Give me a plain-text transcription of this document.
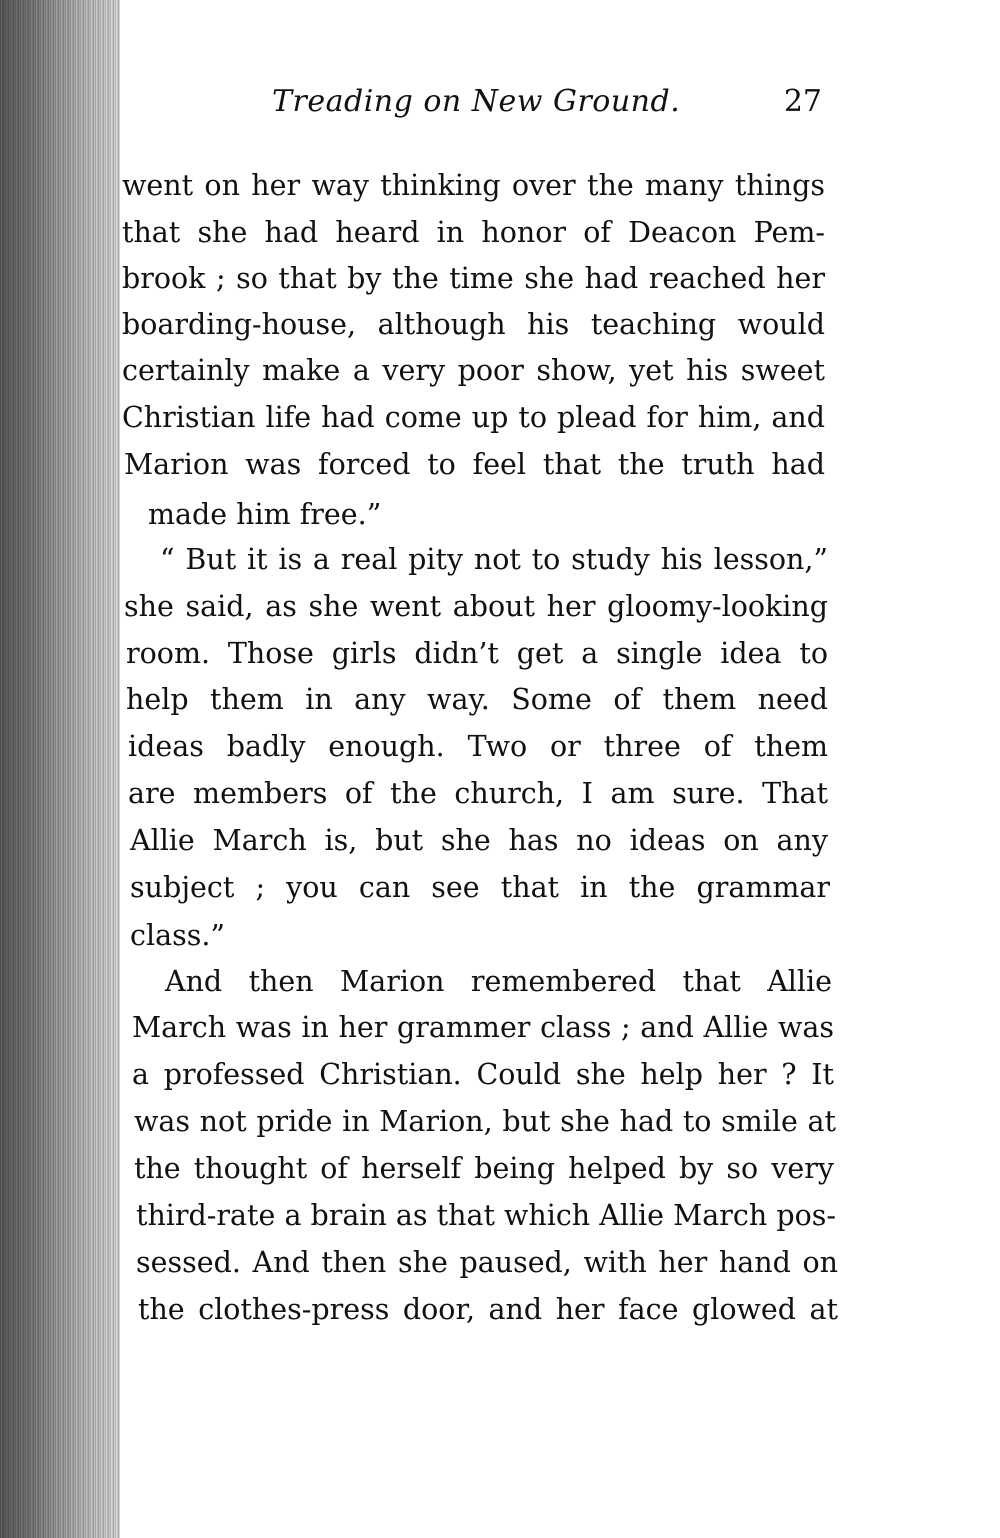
Treading on New Ground.	27
went on her way thinking over the many things
that she had heard in honor of Deacon Pem-
brook ; so that by the time she had reached her
boarding-house, although his teaching would
certainly make a very poor show, yet his sweet
Christian life had come up to plead for him, and
Marion was forced to feel that the truth had
made him free.”
“ But it is a real pity not to study his lesson,”
she said, as she went about her gloomy-looking
room. Those girls didn’t get a single idea to
help them in any way. Some of them need
ideas badly enough. Two or three of them
are members of the church, I am sure. That
Allie March is, but she has no ideas on any
subject ; you can see that in the grammar
class.”
And then Marion remembered that Allie
March was in her grammer class ; and Allie was
a professed Christian. Could she help her ? It
was not pride in Marion, but she had to smile at
the thought of herself being helped by so very
third-rate a brain as that which Allie March pos-
sessed. And then she paused, with her hand on
the clothes-press door, and her face glowed at
